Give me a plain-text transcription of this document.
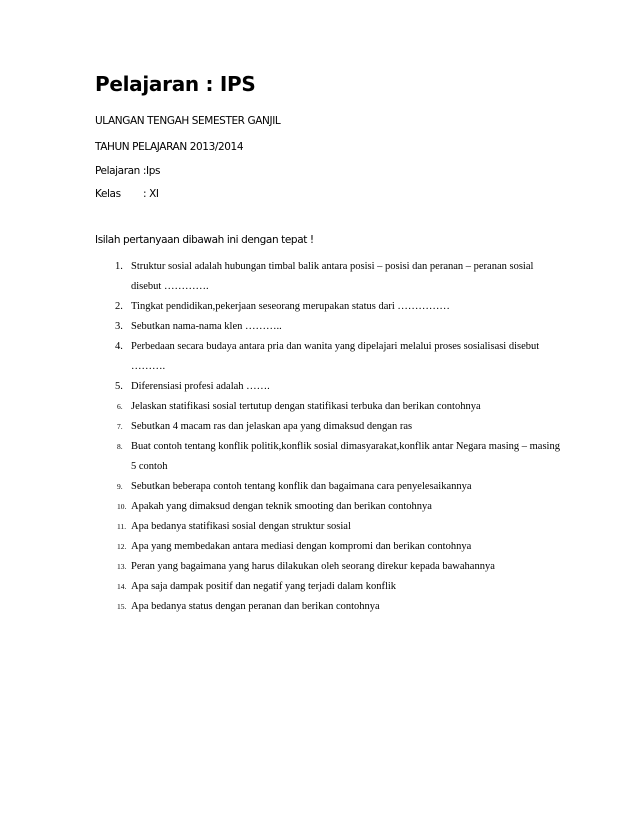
Pelajaran : IPS

ULANGAN TENGAH SEMESTER GANJIL

TAHUN PELAJARAN 2013/2014

Pelajaran :Ips

Kelas : XI

Isilah pertanyaan dibawah ini dengan tepat !

1. Struktur sosial adalah hubungan timbal balik antara posisi – posisi dan peranan – peranan sosial disebut ………….
2. Tingkat pendidikan,pekerjaan seseorang merupakan status dari ……………
3. Sebutkan nama-nama klen ………..
4. Perbedaan secara budaya antara pria dan wanita yang dipelajari melalui proses sosialisasi disebut ……….
5. Diferensiasi profesi adalah …….
6. Jelaskan statifikasi sosial tertutup dengan statifikasi terbuka dan berikan contohnya
7. Sebutkan 4 macam ras dan jelaskan apa yang dimaksud dengan ras
8. Buat contoh tentang konflik politik,konflik sosial dimasyarakat,konflik antar Negara masing – masing 5 contoh
9. Sebutkan beberapa contoh tentang konflik dan bagaimana cara penyelesaikannya
10. Apakah yang dimaksud dengan teknik smooting dan berikan contohnya
11. Apa bedanya statifikasi sosial dengan struktur sosial
12. Apa yang membedakan antara mediasi dengan kompromi dan berikan contohnya
13. Peran yang bagaimana yang harus dilakukan oleh seorang direkur kepada bawahannya
14. Apa saja dampak positif dan negatif yang terjadi dalam konflik
15. Apa bedanya status dengan peranan dan berikan contohnya
